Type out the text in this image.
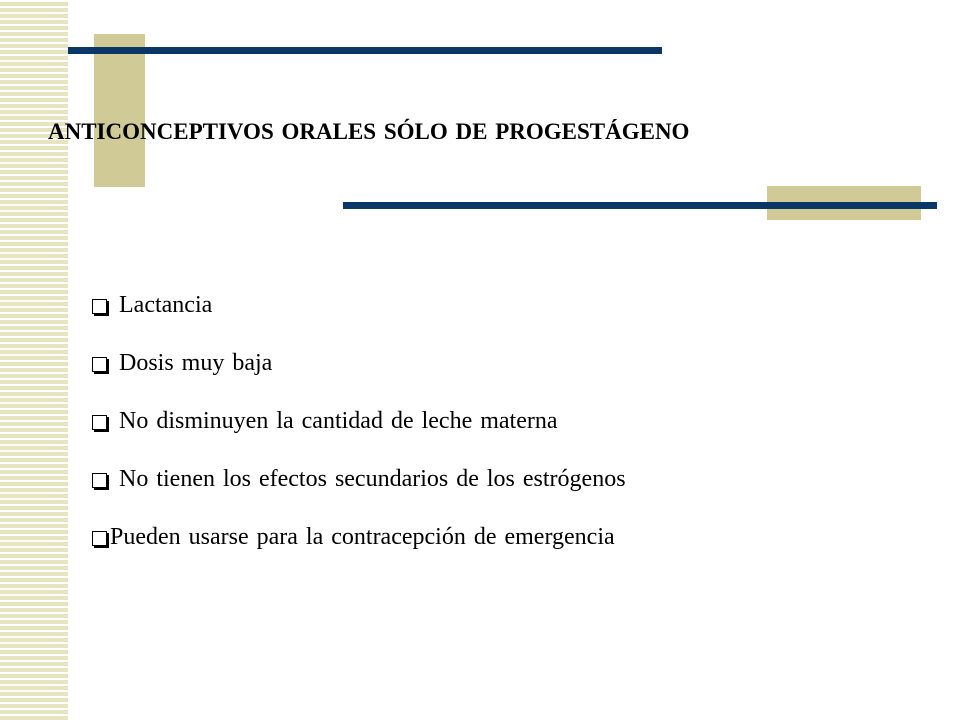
ANTICONCEPTIVOS ORALES SÓLO DE PROGESTÁGENO
Lactancia
Dosis muy baja
No disminuyen la cantidad de leche materna
No tienen los efectos secundarios de los estrógenos
Pueden usarse para la contracepción de emergencia
